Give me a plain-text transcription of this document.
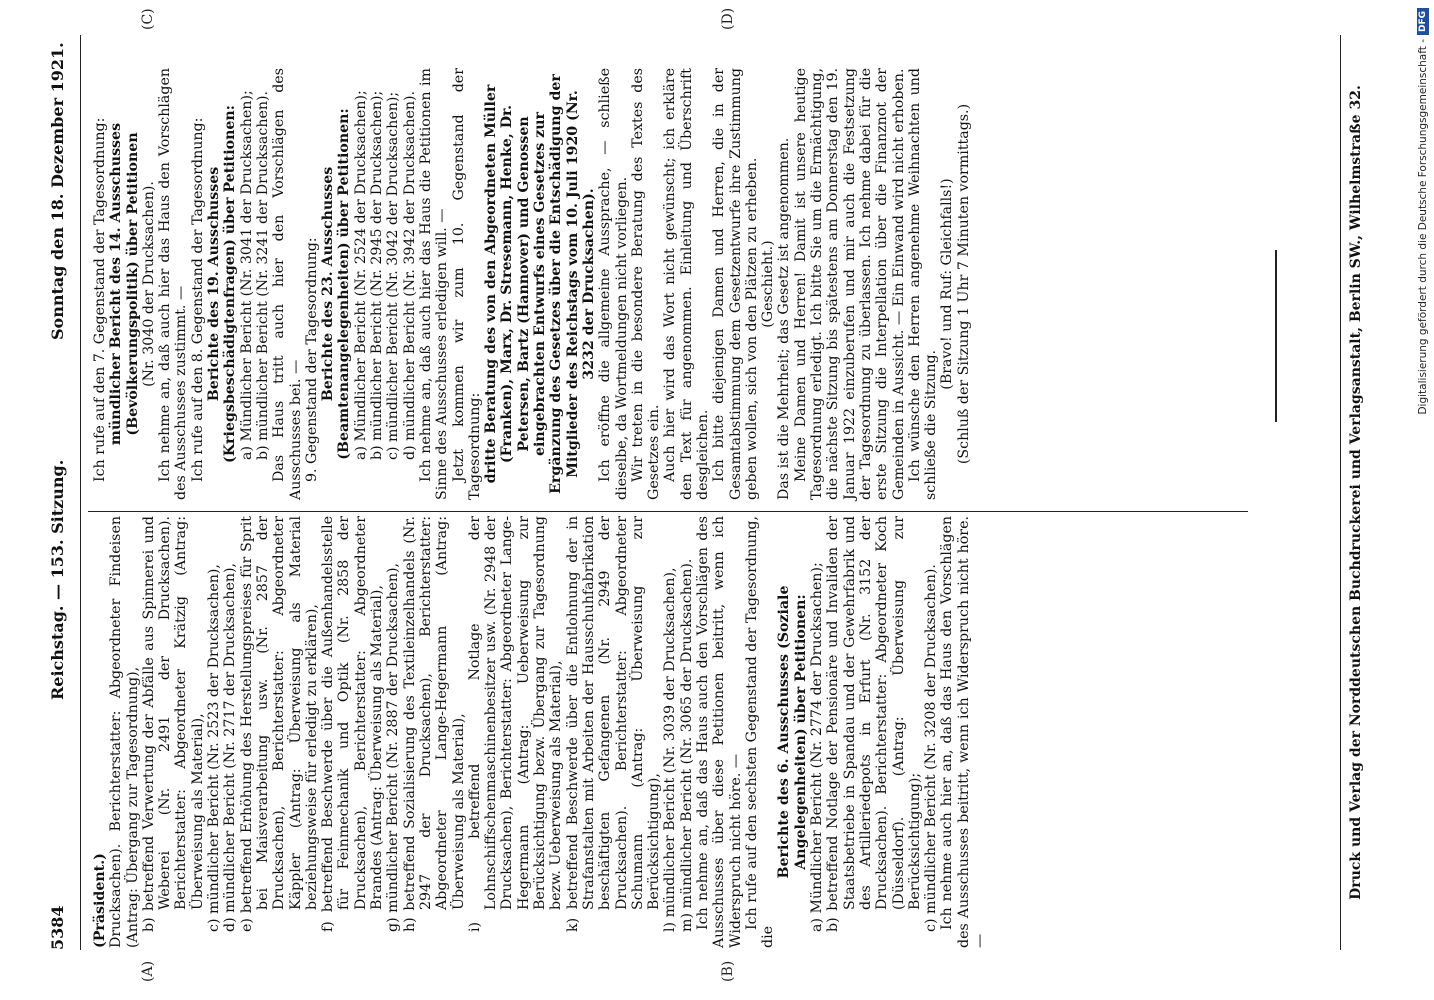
5384
Reichstag. — 153. Sitzung.
Sonntag den 18. Dezember 1921.
(A)	(B)
(C)	(D)

(Präsident.) Drucksachen). Berichterstatter: Abgeordneter Findeisen (Antrag: Übergang zur Tagesordnung), b) betreffend Verwertung der Abfälle aus Spinnerei und Weberei (Nr. 2491 der Drucksachen). Berichterstatter: Abgeordneter Krätzig (Antrag: Überweisung als Material), c) mündlicher Bericht (Nr. 2523 der Drucksachen), d) mündlicher Bericht (Nr. 2717 der Drucksachen), e) betreffend Erhöhung des Herstellungspreises für Sprit bei Maisverarbeitung usw. (Nr. 2857 der Drucksachen), Berichterstatter: Abgeordneter Käppler (Antrag: Überweisung als Material beziehungsweise für erledigt zu erklären), f) betreffend Beschwerde über die Außenhandelsstelle für Feinmechanik und Optik (Nr. 2858 der Drucksachen), Berichterstatter: Abgeordneter Brandes (Antrag: Überweisung als Material), g) mündlicher Bericht (Nr. 2887 der Drucksachen), h) betreffend Sozialisierung des Textileinzelhandels (Nr. 2947 der Drucksachen), Berichterstatter: Abgeordneter Lange-Hegermann (Antrag: Überweisung als Material), i) betreffend Notlage der Lohnschiffschenmaschinenbesitzer usw. (Nr. 2948 der Drucksachen), Berichterstatter: Abgeordneter Lange-Hegermann (Antrag: Ueberweisung zur Berücksichtigung bezw. Übergang zur Tagesordnung bezw. Ueberweisung als Material), k) betreffend Beschwerde über die Entlohnung der in Strafanstalten mit Arbeiten der Hausschuhfabrikation beschäftigten Gefangenen (Nr. 2949 der Drucksachen). Berichterstatter: Abgeordneter Schumann (Antrag: Überweisung zur Berücksichtigung), l) mündlicher Bericht (Nr. 3039 der Drucksachen), m) mündlicher Bericht (Nr. 3065 der Drucksachen). Ich nehme an, daß das Haus auch den Vorschlägen des Ausschusses über diese Petitionen beitritt, wenn ich Widerspruch nicht höre. — Ich rufe auf den sechsten Gegenstand der Tagesordnung, die

Berichte des 6. Ausschusses (Soziale Angelegenheiten) über Petitionen: a) Mündlicher Bericht (Nr. 2774 der Drucksachen); b) betreffend Notlage der Pensionäre und Invaliden der Staatsbetriebe in Spandau und der Gewehrfabrik und des Artilleriedepots in Erfurt (Nr. 3152 der Drucksachen). Berichterstatter: Abgeordneter Koch (Düsseldorf). (Antrag: Überweisung zur Berücksichtigung); c) mündlicher Bericht (Nr. 3208 der Drucksachen). Ich nehme auch hier an, daß das Haus den Vorschlägen des Ausschusses beitritt, wenn ich Widerspruch nicht höre. —

Ich rufe auf den 7. Gegenstand der Tagesordnung: mündlicher Bericht des 14. Ausschusses (Bevölkerungspolitik) über Petitionen (Nr. 3040 der Drucksachen). Ich nehme an, daß auch hier das Haus den Vorschlägen des Ausschusses zustimmt. — Ich rufe auf den 8. Gegenstand der Tagesordnung: Berichte des 19. Ausschusses (Kriegsbeschädigtenfragen) über Petitionen: a) Mündlicher Bericht (Nr. 3041 der Drucksachen); b) mündlicher Bericht (Nr. 3241 der Drucksachen). Das Haus tritt auch hier den Vorschlägen des Ausschusses bei. — 9. Gegenstand der Tagesordnung: Berichte des 23. Ausschusses (Beamtenangelegenheiten) über Petitionen: a) Mündlicher Bericht (Nr. 2524 der Drucksachen); b) mündlicher Bericht (Nr. 2945 der Drucksachen); c) mündlicher Bericht (Nr. 3042 der Drucksachen); d) mündlicher Bericht (Nr. 3942 der Drucksachen). Ich nehme an, daß auch hier das Haus die Petitionen im Sinne des Ausschusses erledigen will. — Jetzt kommen wir zum 10. Gegenstand der Tagesordnung: dritte Beratung des von den Abgeordneten Müller (Franken), Marx, Dr. Stresemann, Henke, Dr. Petersen, Bartz (Hannover) und Genossen eingebrachten Entwurfs eines Gesetzes zur Ergänzung des Gesetzes über die Entschädigung der Mitglieder des Reichstags vom 10. Juli 1920 (Nr. 3232 der Drucksachen). Ich eröffne die allgemeine Aussprache, — schließe dieselbe, da Wortmeldungen nicht vorliegen. Wir treten in die besondere Beratung des Textes des Gesetzes ein. Auch hier wird das Wort nicht gewünscht; ich erkläre den Text für angenommen. Einleitung und Überschrift desgleichen. Ich bitte diejenigen Damen und Herren, die in der Gesamtabstimmung dem Gesetzentwurfe ihre Zustimmung geben wollen, sich von den Plätzen zu erheben. (Geschieht.) Das ist die Mehrheit; das Gesetz ist angenommen. Meine Damen und Herren! Damit ist unsere heutige Tagesordnung erledigt. Ich bitte Sie um die Ermächtigung, die nächste Sitzung bis spätestens am Donnerstag den 19. Januar 1922 einzuberufen und mir auch die Festsetzung der Tagesordnung zu überlassen. Ich nehme dabei für die erste Sitzung die Interpellation über die Finanznot der Gemeinden in Aussicht. — Ein Einwand wird nicht erhoben. Ich wünsche den Herren angenehme Weihnachten und schließe die Sitzung.

(Bravo! und Ruf: Gleichfalls!) (Schluß der Sitzung 1 Uhr 7 Minuten vormittags.)	Druck und Verlag der Norddeutschen Buchdruckerei und Verlagsanstalt, Berlin SW., Wilhelmstraße 32.	Digitalisierung gefördert durch die Deutsche Forschungsgemeinschaft -
DFG
